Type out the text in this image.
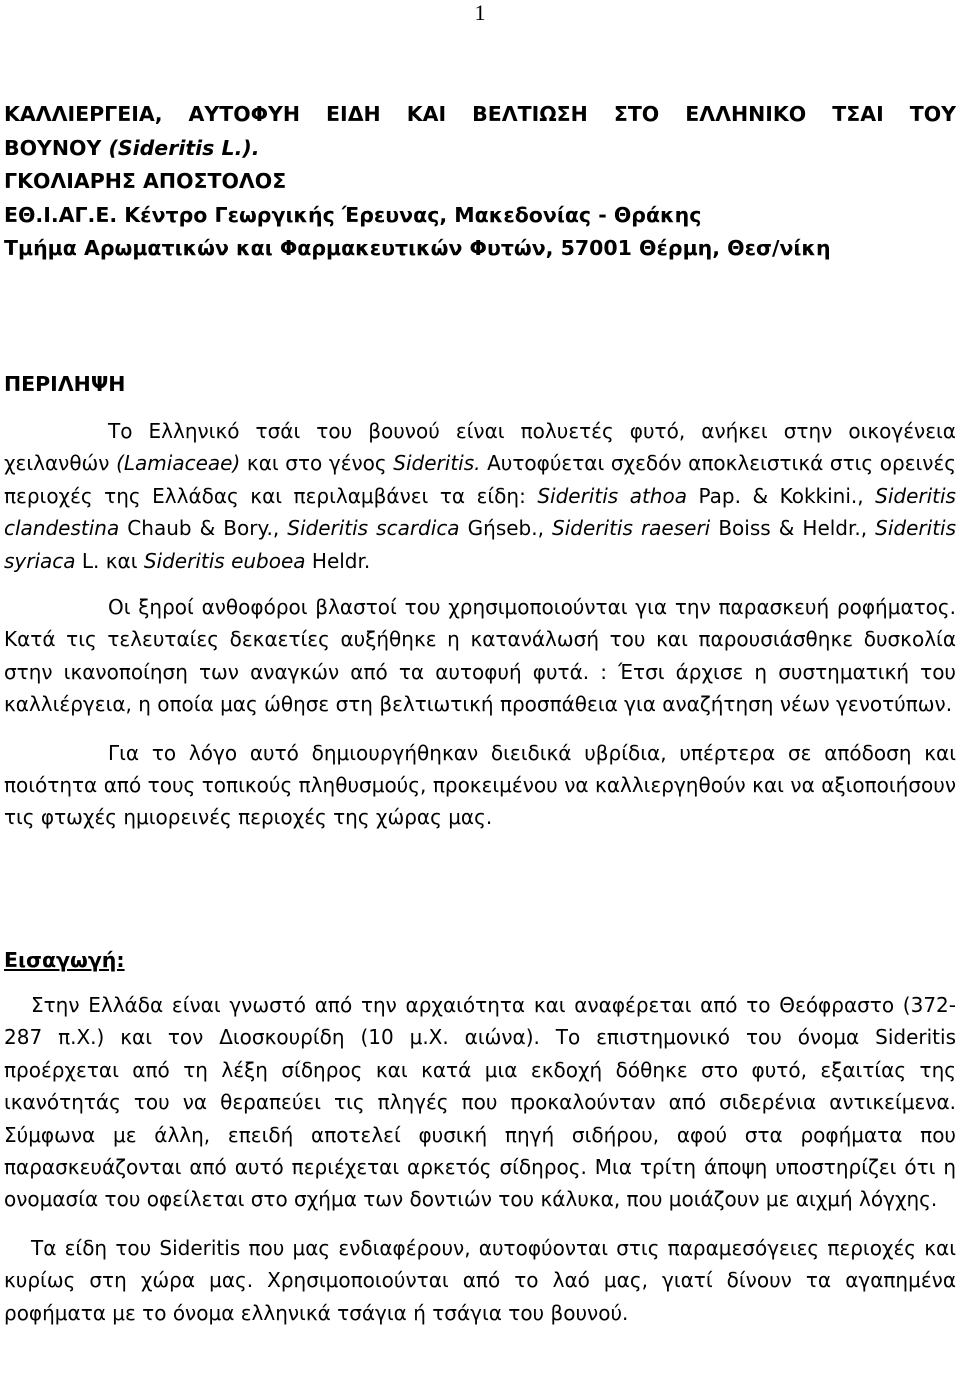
1

ΚΑΛΛΙΕΡΓΕΙΑ, ΑΥΤΟΦΥΗ ΕΙΔΗ ΚΑΙ ΒΕΛΤΙΩΣΗ ΣΤΟ ΕΛΛΗΝΙΚΟ ΤΣΑΙ ΤΟΥ

ΒΟΥΝΟΥ (Sideritis L.).

ΓΚΟΛΙΑΡΗΣ ΑΠΟΣΤΟΛΟΣ

ΕΘ.Ι.ΑΓ.Ε. Κέντρο Γεωργικής Έρευνας, Μακεδονίας - Θράκης

Τμήμα Αρωματικών και Φαρμακευτικών Φυτών, 57001 Θέρμη, Θεσ/νίκη

ΠΕΡΙΛΗΨΗ

Το Ελληνικό τσάι του βουνού είναι πολυετές φυτό, ανήκει στην οικογένεια χειλανθών (Lamiaceae) και στο γένος Sideritis. Αυτοφύεται σχεδόν αποκλειστικά στις ορεινές περιοχές της Ελλάδας και περιλαμβάνει τα είδη: Sideritis athoa Pap. & Kokkini., Sideritis clandestina Chaub & Bory., Sideritis scardica Gήseb., Sideritis raeseri Boiss & Heldr., Sideritis syriaca L. και Sideritis euboea Heldr.

Οι ξηροί ανθοφόροι βλαστοί του χρησιμοποιούνται για την παρασκευή ροφήματος. Κατά τις τελευταίες δεκαετίες αυξήθηκε η κατανάλωσή του και παρουσιάσθηκε δυσκολία στην ικανοποίηση των αναγκών από τα αυτοφυή φυτά. : Έτσι άρχισε η συστηματική του καλλιέργεια, η οποία μας ώθησε στη βελτιωτική προσπάθεια για αναζήτηση νέων γενοτύπων.

Για το λόγο αυτό δημιουργήθηκαν διειδικά υβρίδια, υπέρτερα σε απόδοση και ποιότητα από τους τοπικούς πληθυσμούς, προκειμένου να καλλιεργηθούν και να αξιοποιήσουν τις φτωχές ημιορεινές περιοχές της χώρας μας.

Εισαγωγή:

Στην Ελλάδα είναι γνωστό από την αρχαιότητα και αναφέρεται από το Θεόφραστο (372-287 π.Χ.) και τον Διοσκουρίδη (10 μ.Χ. αιώνα). Το επιστημονικό του όνομα Sideritis προέρχεται από τη λέξη σίδηρος και κατά μια εκδοχή δόθηκε στο φυτό, εξαιτίας της ικανότητάς του να θεραπεύει τις πληγές που προκαλούνταν από σιδερένια αντικείμενα. Σύμφωνα με άλλη, επειδή αποτελεί φυσική πηγή σιδήρου, αφού στα ροφήματα που παρασκευάζονται από αυτό περιέχεται αρκετός σίδηρος. Μια τρίτη άποψη υποστηρίζει ότι η ονομασία του οφείλεται στο σχήμα των δοντιών του κάλυκα, που μοιάζουν με αιχμή λόγχης.

Τα είδη του Sideritis που μας ενδιαφέρουν, αυτοφύονται στις παραμεσόγειες περιοχές και κυρίως στη χώρα μας. Χρησιμοποιούνται από το λαό μας, γιατί δίνουν τα αγαπημένα ροφήματα με το όνομα ελληνικά τσάγια ή τσάγια του βουνού.
